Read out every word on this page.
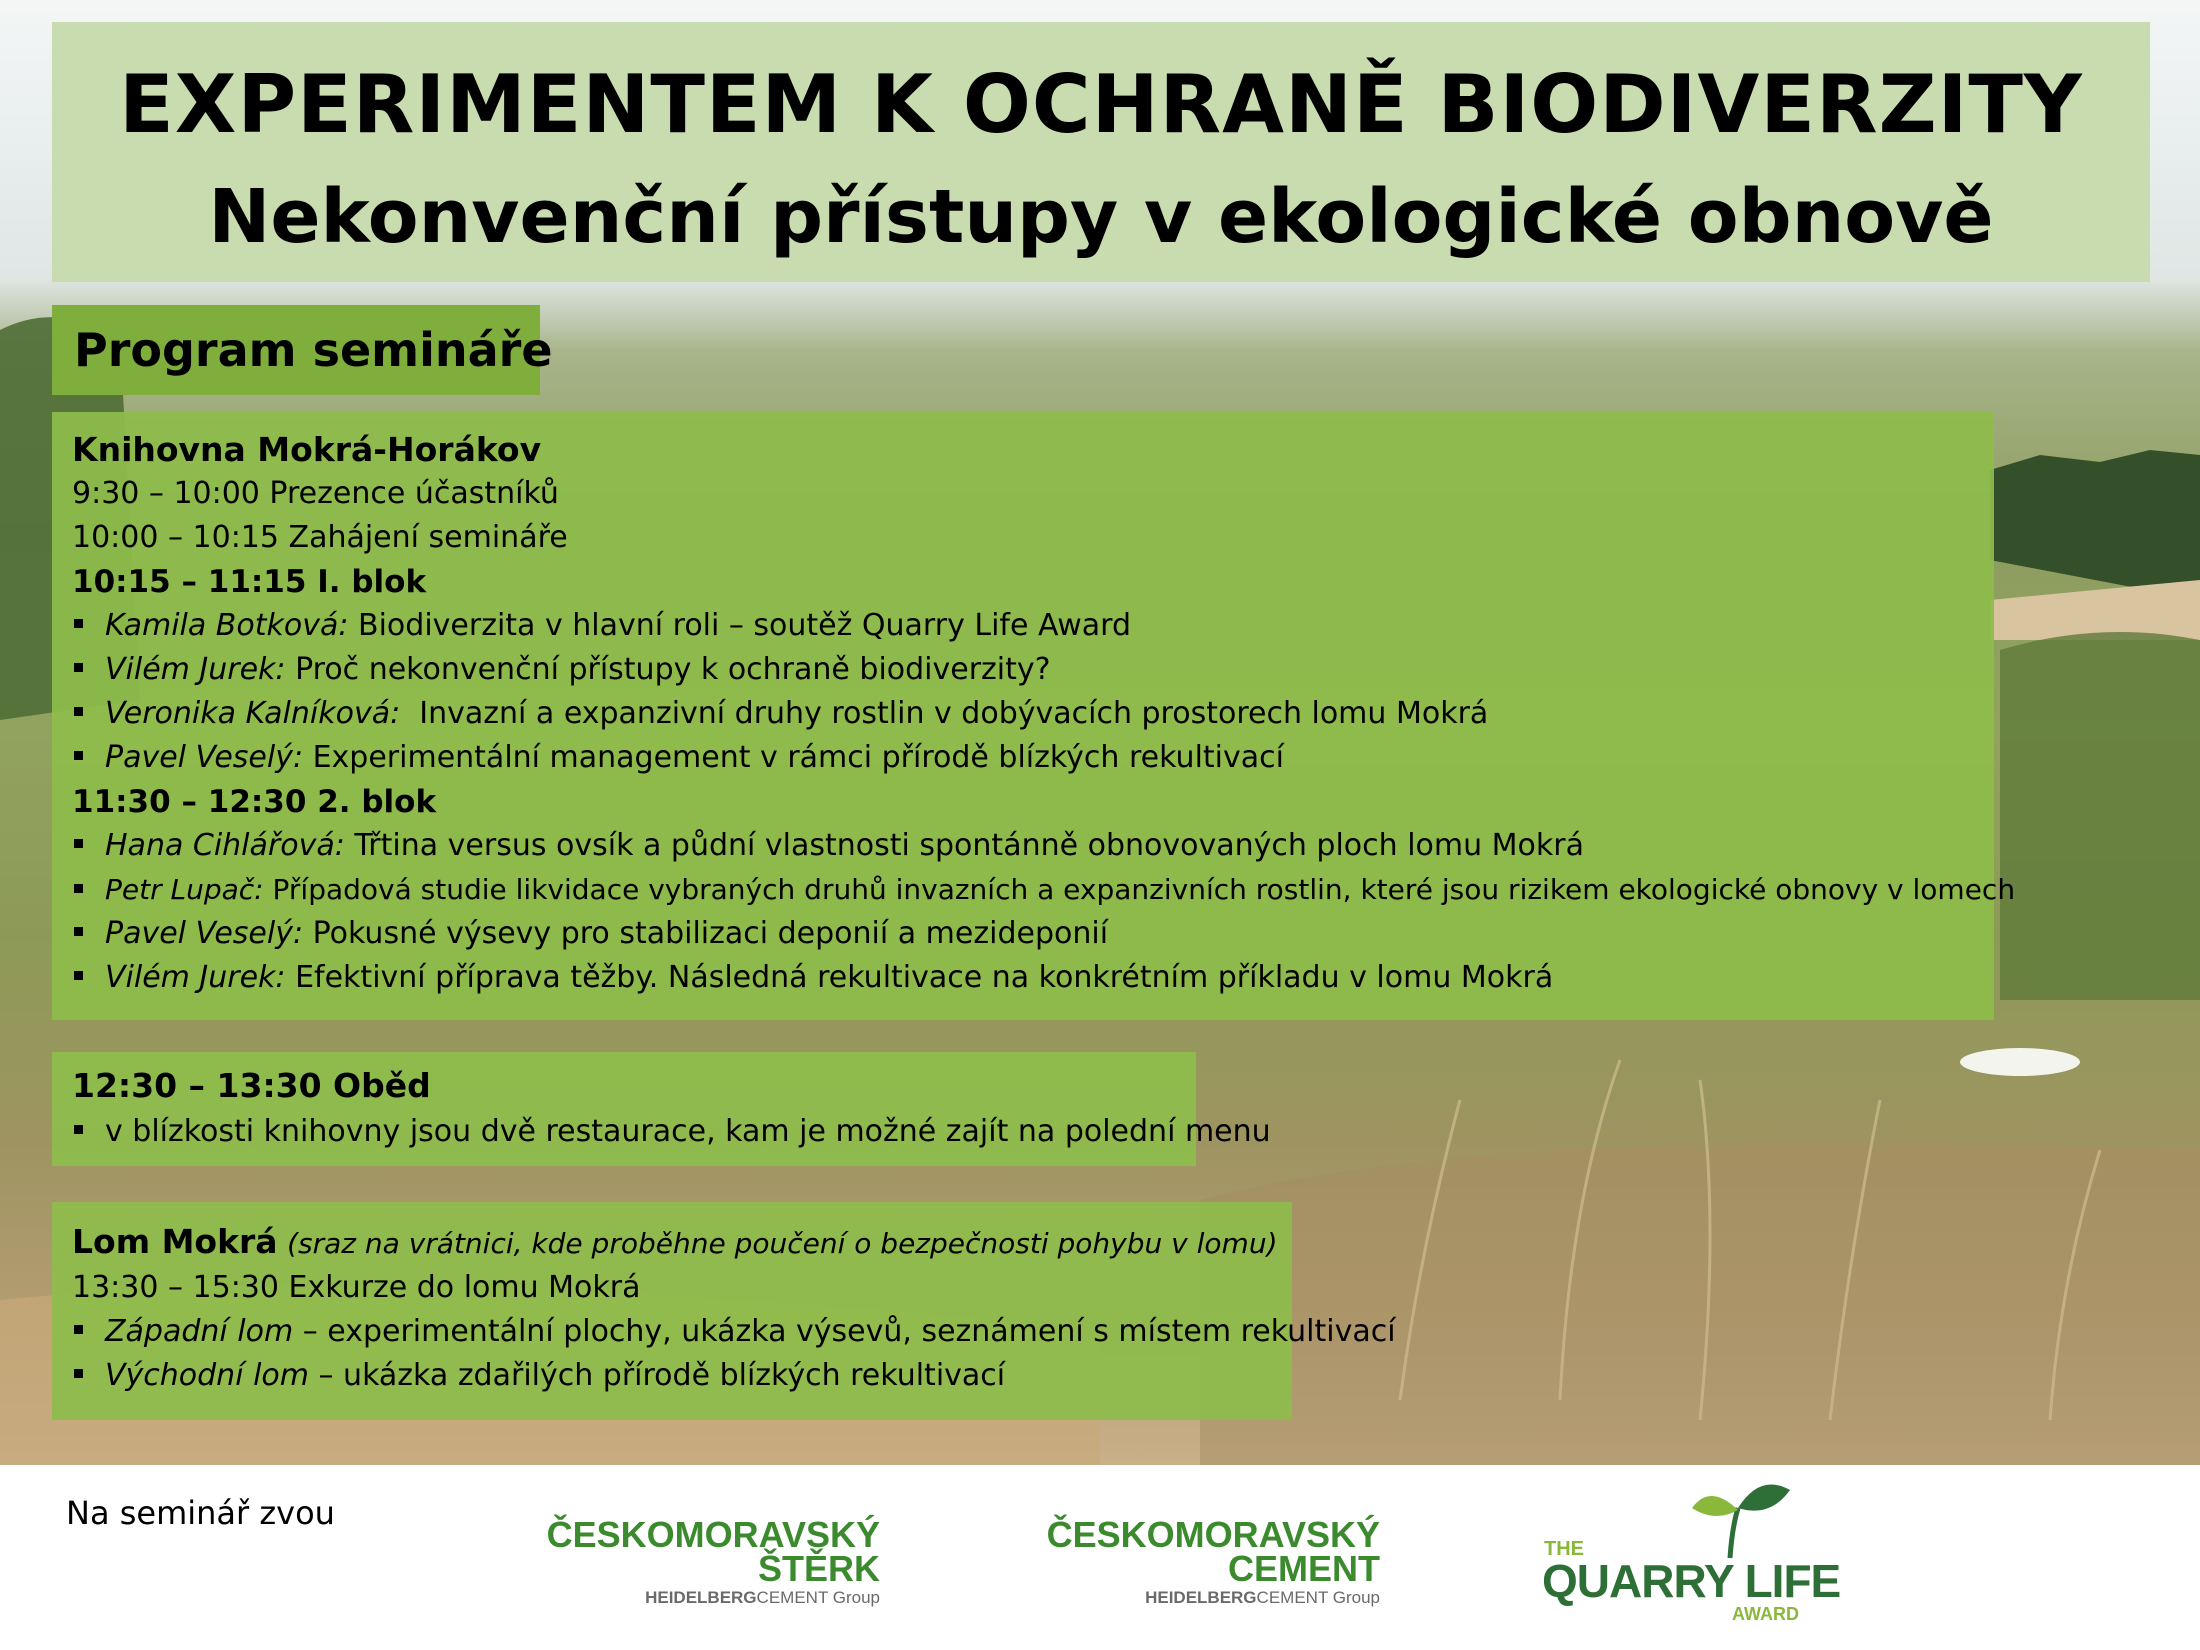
EXPERIMENTEM K OCHRANĚ BIODIVERZITY
Nekonvenční přístupy v ekologické obnově
Program semináře
Knihovna Mokrá-Horákov
9:30 – 10:00 Prezence účastníků
10:00 – 10:15 Zahájení semináře
10:15 – 11:15 I. blok
Kamila Botková: Biodiverzita v hlavní roli – soutěž Quarry Life Award
Vilém Jurek: Proč nekonvenční přístupy k ochraně biodiverzity?
Veronika Kalníková:  Invazní a expanzivní druhy rostlin v dobývacích prostorech lomu Mokrá
Pavel Veselý: Experimentální management v rámci přírodě blízkých rekultivací
11:30 – 12:30 2. blok
Hana Cihlářová: Třtina versus ovsík a půdní vlastnosti spontánně obnovovaných ploch lomu Mokrá
Petr Lupač: Případová studie likvidace vybraných druhů invazních a expanzivních rostlin, které jsou rizikem ekologické obnovy v lomech
Pavel Veselý: Pokusné výsevy pro stabilizaci deponií a mezideponií
Vilém Jurek: Efektivní příprava těžby. Následná rekultivace na konkrétním příkladu v lomu Mokrá
12:30 – 13:30 Oběd
v blízkosti knihovny jsou dvě restaurace, kam je možné zajít na polední menu
Lom Mokrá (sraz na vrátnici, kde proběhne poučení o bezpečnosti pohybu v lomu)
13:30 – 15:30 Exkurze do lomu Mokrá
Západní lom – experimentální plochy, ukázka výsevů, seznámení s místem rekultivací
Východní lom – ukázka zdařilých přírodě blízkých rekultivací
Na seminář zvou
ČESKOMORAVSKÝ
ŠTĚRK
HEIDELBERGCEMENT Group
ČESKOMORAVSKÝ
CEMENT
HEIDELBERGCEMENT Group
THE
QUARRY LIFE
AWARD
